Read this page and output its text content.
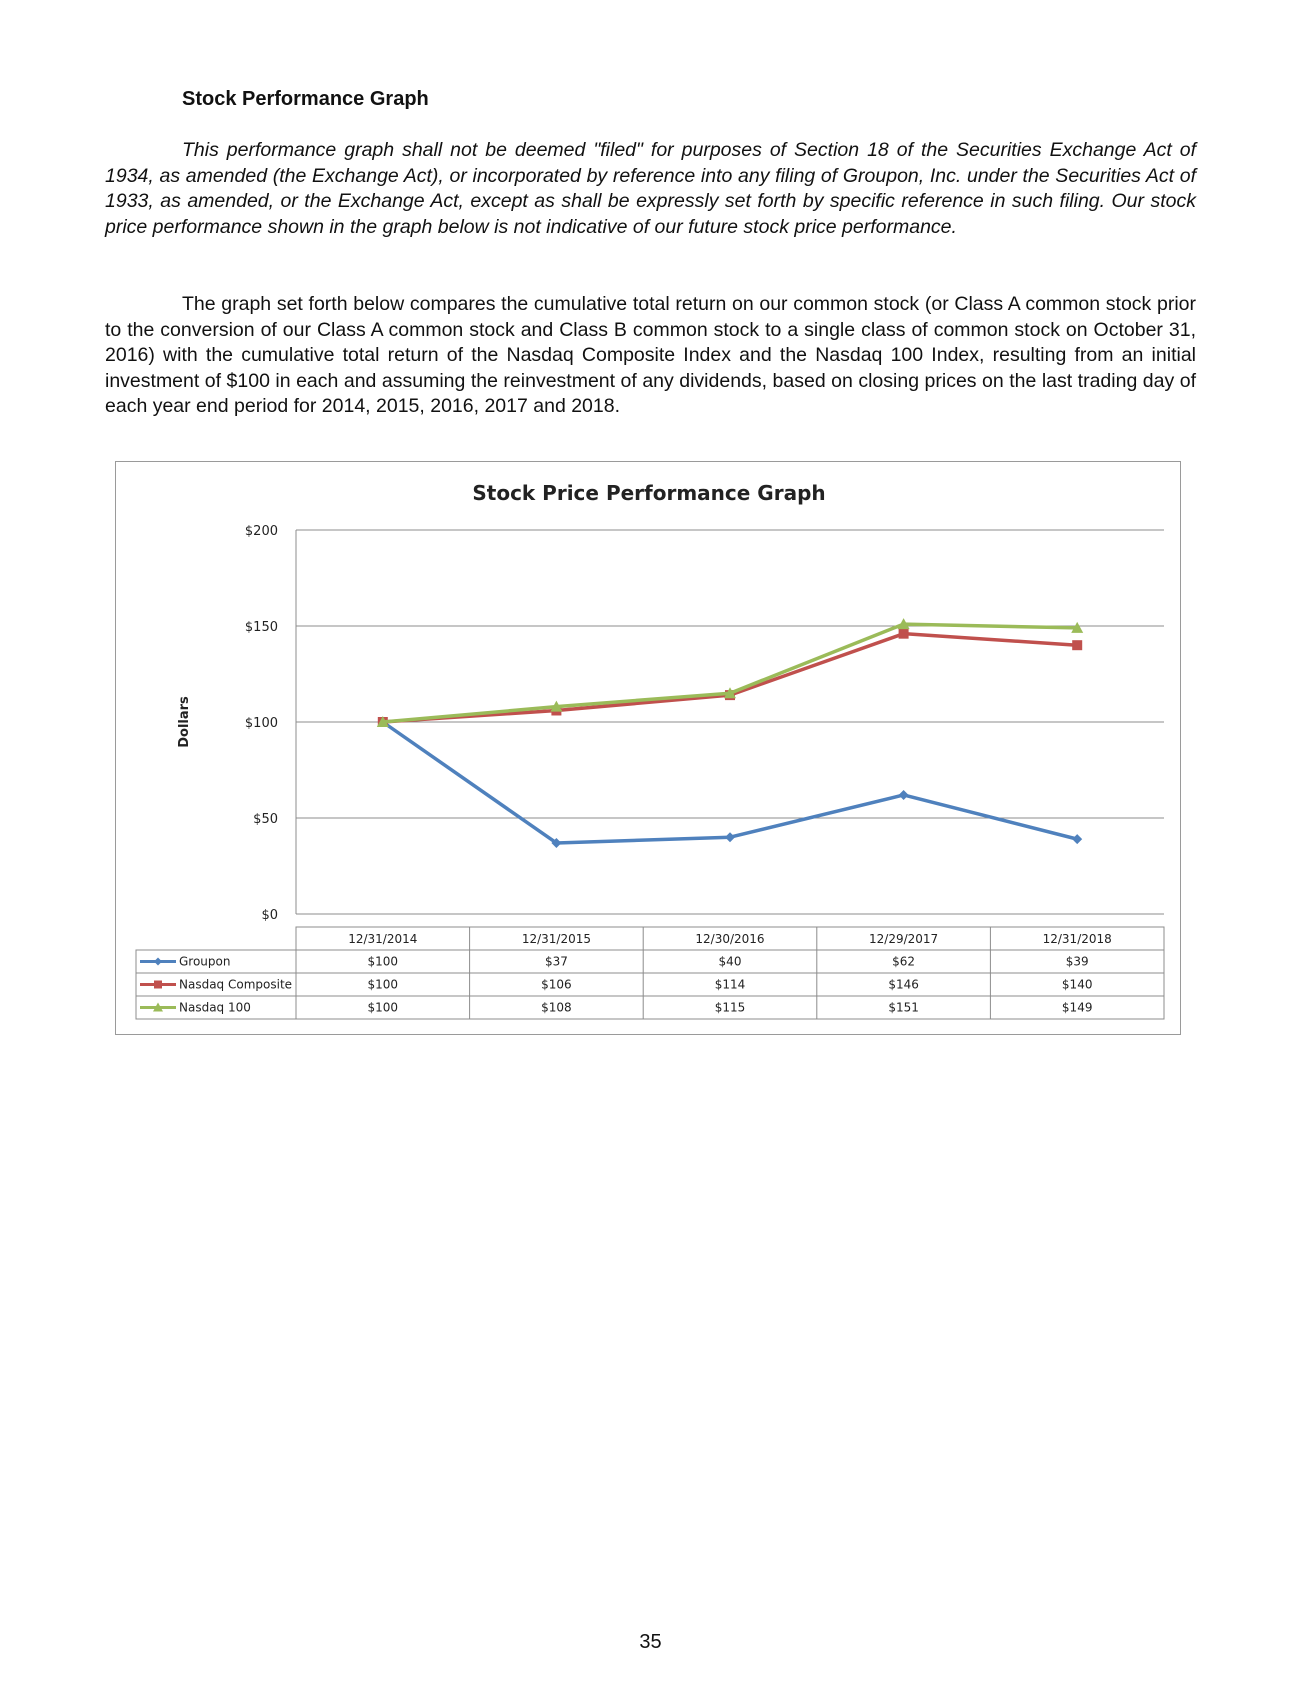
Stock Performance Graph

This performance graph shall not be deemed "filed" for purposes of Section 18 of the Securities Exchange Act of 1934, as amended (the Exchange Act), or incorporated by reference into any filing of Groupon, Inc. under the Securities Act of 1933, as amended, or the Exchange Act, except as shall be expressly set forth by specific reference in such filing. Our stock price performance shown in the graph below is not indicative of our future stock price performance.

The graph set forth below compares the cumulative total return on our common stock (or Class A common stock prior to the conversion of our Class A common stock and Class B common stock to a single class of common stock on October 31, 2016) with the cumulative total return of the Nasdaq Composite Index and the Nasdaq 100 Index, resulting from an initial investment of $100 in each and assuming the reinvestment of any dividends, based on closing prices on the last trading day of each year end period for 2014, 2015, 2016, 2017 and 2018.

Stock Price Performance Graph
Dollars
$0
$50
$100
$150
$200
12/31/2014	12/31/2015	12/30/2016	12/29/2017	12/31/2018
Groupon	$100	$37	$40	$62	$39
Nasdaq Composite	$100	$106	$114	$146	$140
Nasdaq 100	$100	$108	$115	$151	$149
35
